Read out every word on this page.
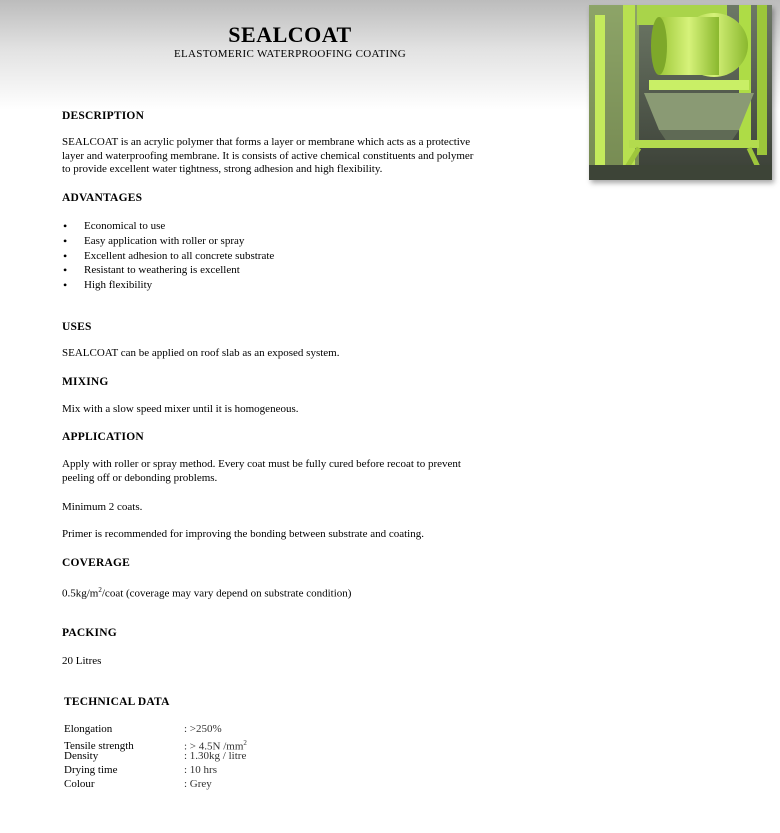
SEALCOAT
ELASTOMERIC WATERPROOFING COATING
DESCRIPTION
SEALCOAT is an acrylic polymer that forms a layer or membrane which acts as a protective
layer and waterproofing membrane. It is consists of active chemical constituents and polymer
to provide excellent water tightness, strong adhesion and high flexibility.
ADVANTAGES
• Economical to use
• Easy application with roller or spray
• Excellent adhesion to all concrete substrate
• Resistant to weathering is excellent
• High flexibility
USES
SEALCOAT can be applied on roof slab as an exposed system.
MIXING
Mix with a slow speed mixer until it is homogeneous.
APPLICATION
Apply with roller or spray method. Every coat must be fully cured before recoat to prevent
peeling off or debonding problems.
Minimum 2 coats.
Primer is recommended for improving the bonding between substrate and coating.
COVERAGE
$0.5kg/m^2$/coat (coverage may vary depend on substrate condition)
PACKING
20 Litres
TECHNICAL DATA
Elongation	: >250%
Tensile strength	: > 4.5N $/mm^2$
Density	: 1.30kg / litre
Drying time	: 10 hrs
Colour	: Grey
